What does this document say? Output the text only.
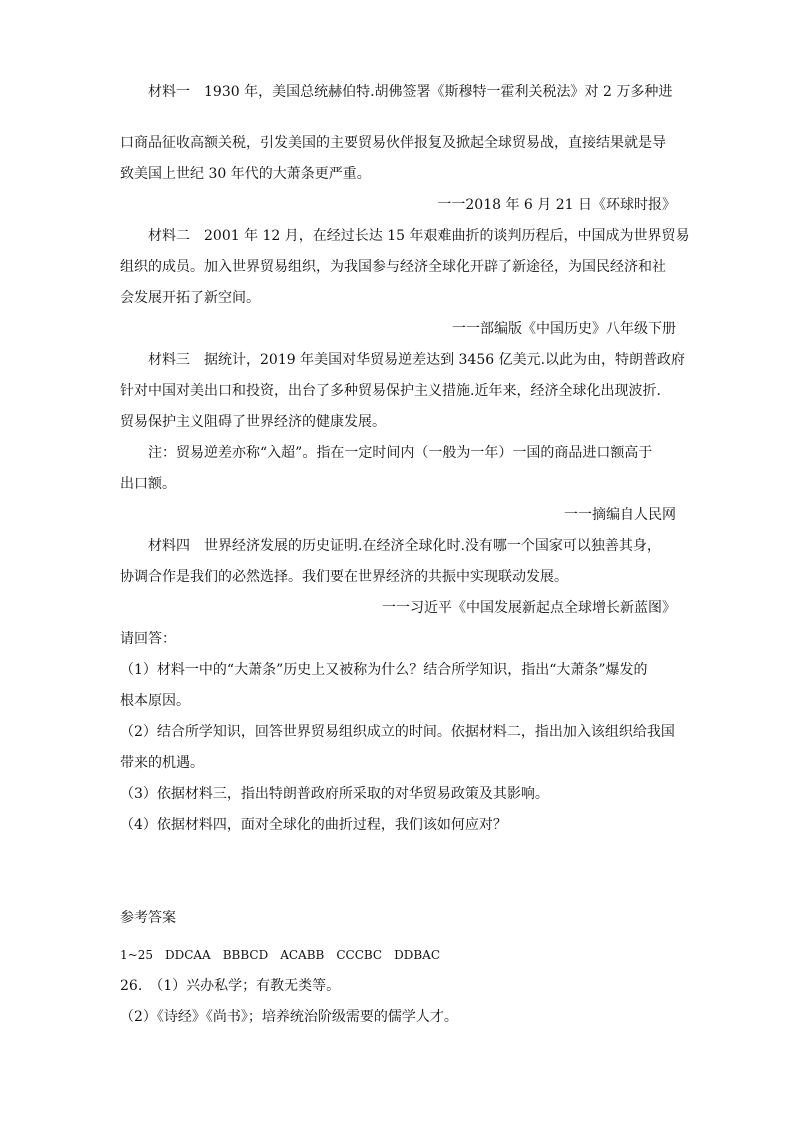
材料一　1930 年，美国总统赫伯特.胡佛签署《斯穆特一霍利关税法》对 2 万多种进

口商品征收高额关税，引发美国的主要贸易伙伴报复及掀起全球贸易战，直接结果就是导

致美国上世纪 30 年代的大萧条更严重。

一一2018 年 6 月 21 日《环球时报》

材料二　2001 年 12 月，在经过长达 15 年艰难曲折的谈判历程后，中国成为世界贸易

组织的成员。加入世界贸易组织，为我国参与经济全球化开辟了新途径，为国民经济和社

会发展开拓了新空间。

一一部编版《中国历史》八年级下册

材料三　据统计，2019 年美国对华贸易逆差达到 3456 亿美元.以此为由，特朗普政府

针对中国对美出口和投资，出台了多种贸易保护主义措施.近年来，经济全球化出现波折.

贸易保护主义阻碍了世界经济的健康发展。

注：贸易逆差亦称“入超”。指在一定时间内（一般为一年）一国的商品进口额高于

出口额。

一一摘编自人民网

材料四　世界经济发展的历史证明.在经济全球化时.没有哪一个国家可以独善其身，

协调合作是我们的必然选择。我们要在世界经济的共振中实现联动发展。

一一习近平《中国发展新起点全球增长新蓝图》

请回答：

（1）材料一中的“大萧条”历史上又被称为什么？结合所学知识，指出“大萧条”爆发的

根本原因。

（2）结合所学知识，回答世界贸易组织成立的时间。依据材料二，指出加入该组织给我国

带来的机遇。

（3）依据材料三，指出特朗普政府所采取的对华贸易政策及其影响。

（4）依据材料四，面对全球化的曲折过程，我们该如何应对？

参考答案

1~25　DDCAA　BBBCD　ACABB　CCCBC　DDBAC

26.　（1）兴办私学；有教无类等。

（2）《诗经》《尚书》；培养统治阶级需要的儒学人才。
